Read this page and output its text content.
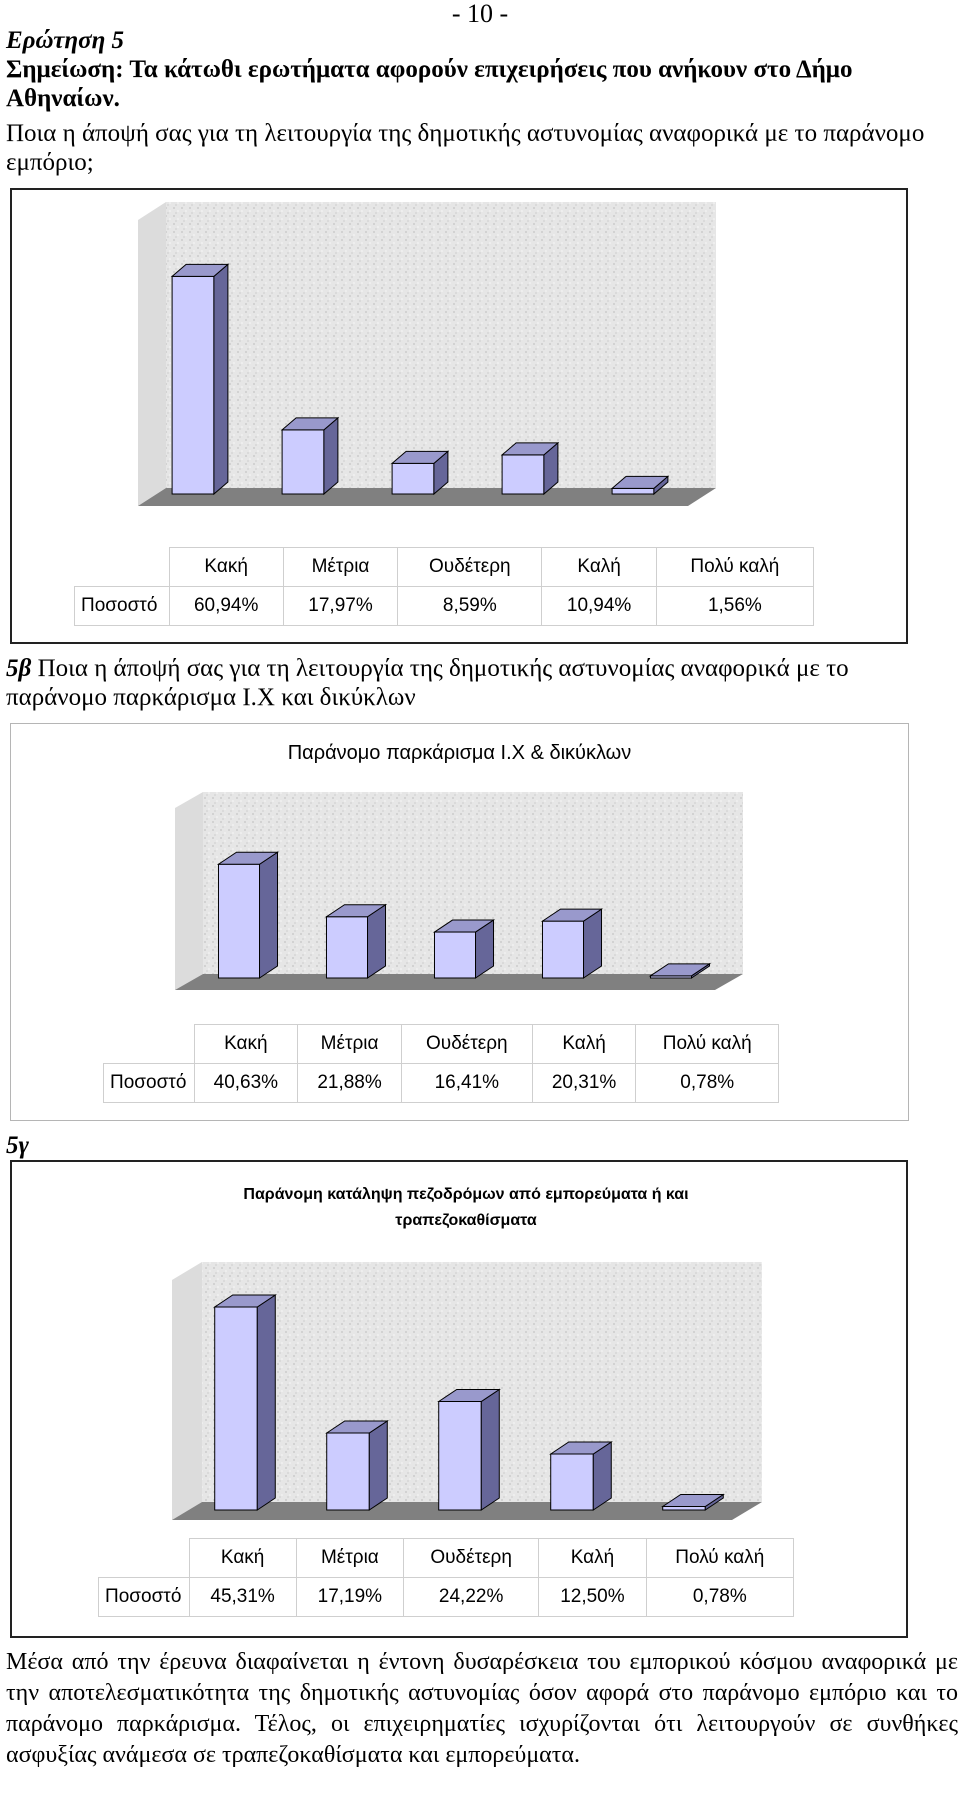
- 10 -
Ερώτηση 5
Σημείωση: Τα κάτωθι ερωτήματα αφορούν επιχειρήσεις που ανήκουν στο Δήμο Αθηναίων.
Ποια η άποψή σας για τη λειτουργία της δημοτικής αστυνομίας αναφορικά με το παράνομο εμπόριο;
	Κακή	Μέτρια	Ουδέτερη	Καλή	Πολύ καλή
Ποσοστό	60,94%	17,97%	8,59%	10,94%	1,56%
5β Ποια η άποψή σας για τη λειτουργία της δημοτικής αστυνομίας αναφορικά με το παράνομο παρκάρισμα Ι.Χ και δικύκλων
Παράνομο παρκάρισμα Ι.Χ & δικύκλων
	Κακή	Μέτρια	Ουδέτερη	Καλή	Πολύ καλή
Ποσοστό	40,63%	21,88%	16,41%	20,31%	0,78%
5γ
Παράνομη κατάληψη πεζοδρόμων από εμπορεύματα ή και τραπεζοκαθίσματα
	Κακή	Μέτρια	Ουδέτερη	Καλή	Πολύ καλή
Ποσοστό	45,31%	17,19%	24,22%	12,50%	0,78%
Μέσα από την έρευνα διαφαίνεται η έντονη δυσαρέσκεια του εμπορικού κόσμου αναφορικά με την αποτελεσματικότητα της δημοτικής αστυνομίας όσον αφορά στο παράνομο εμπόριο και το παράνομο παρκάρισμα. Τέλος, οι επιχειρηματίες ισχυρίζονται ότι λειτουργούν σε συνθήκες ασφυξίας ανάμεσα σε τραπεζοκαθίσματα και εμπορεύματα.
